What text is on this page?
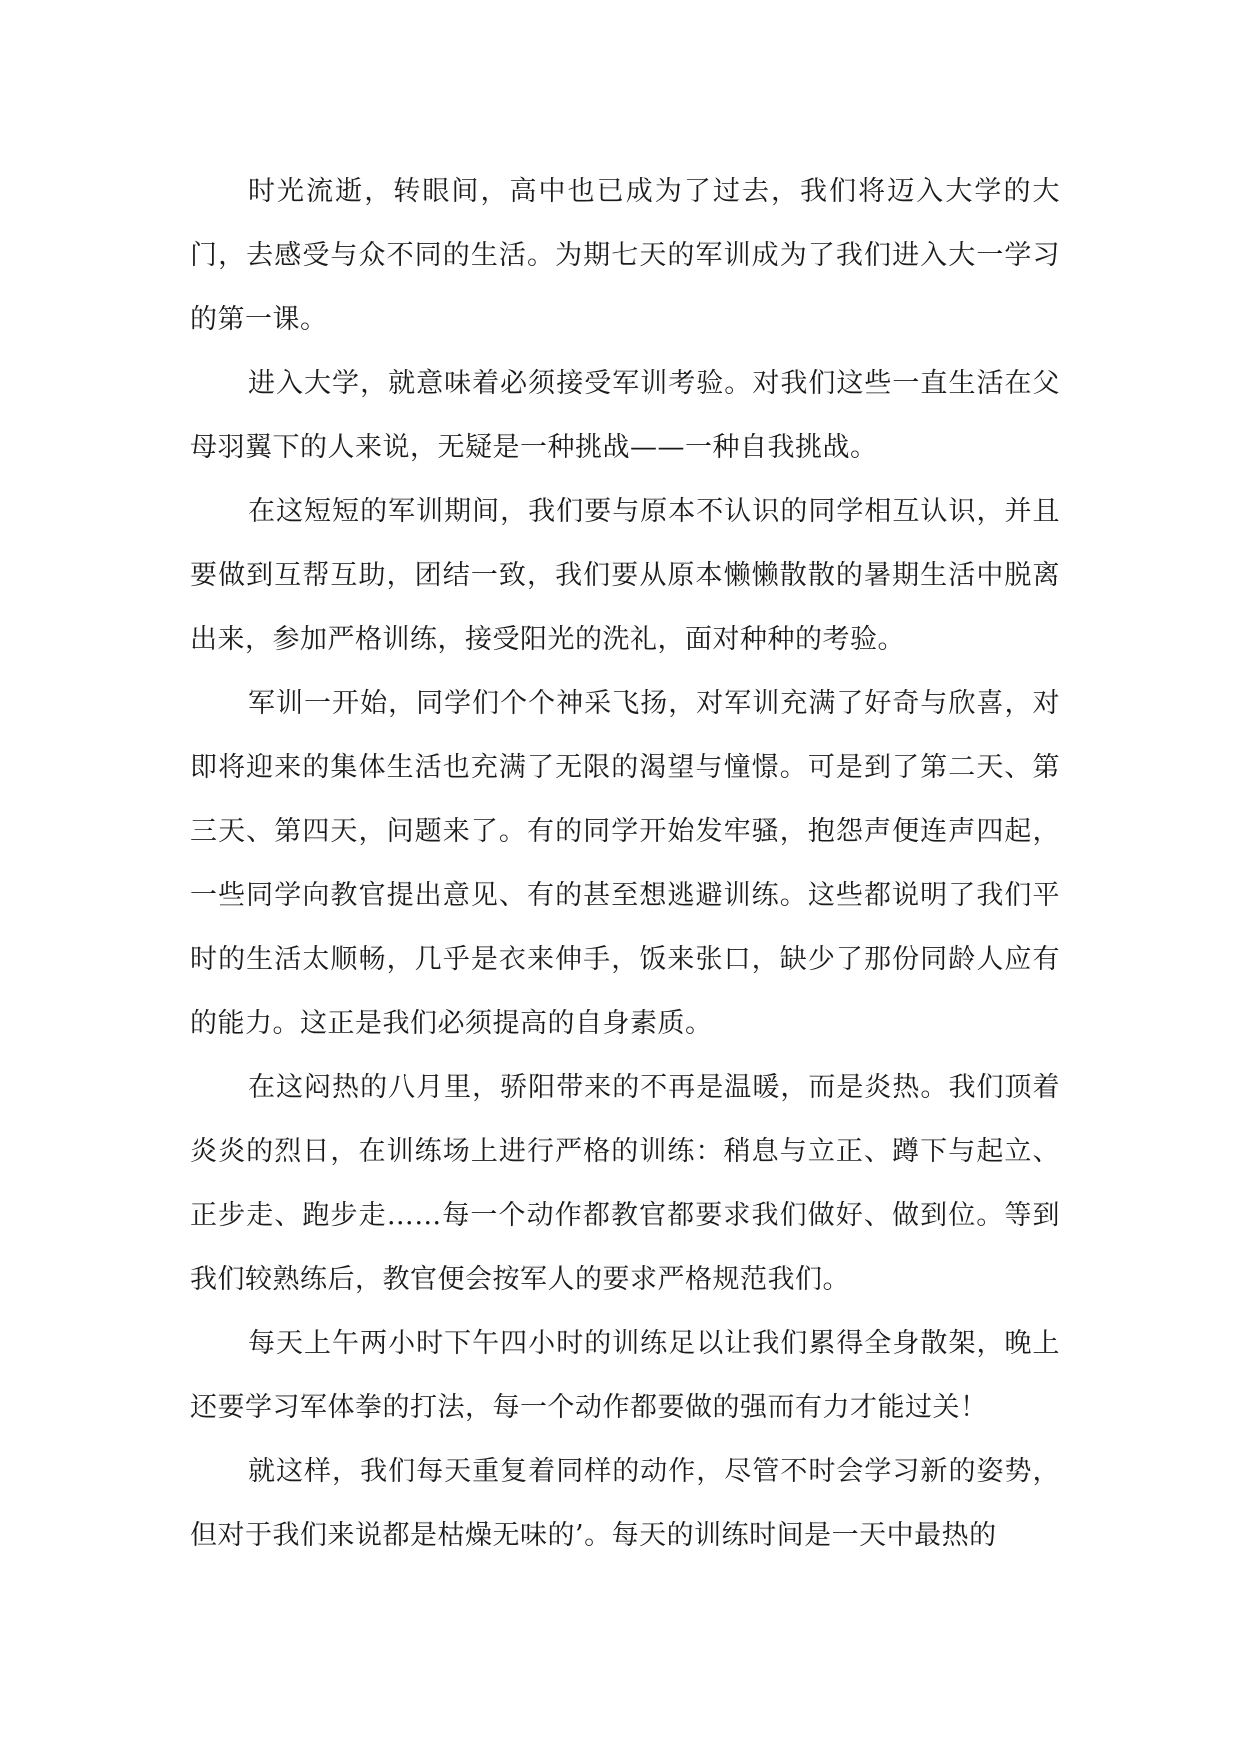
时光流逝，转眼间，高中也已成为了过去，我们将迈入大学的大门，去感受与众不同的生活。为期七天的军训成为了我们进入大一学习的第一课。

进入大学，就意味着必须接受军训考验。对我们这些一直生活在父母羽翼下的人来说，无疑是一种挑战——一种自我挑战。

在这短短的军训期间，我们要与原本不认识的同学相互认识，并且要做到互帮互助，团结一致，我们要从原本懒懒散散的暑期生活中脱离出来，参加严格训练，接受阳光的洗礼，面对种种的考验。

军训一开始，同学们个个神采飞扬，对军训充满了好奇与欣喜，对即将迎来的集体生活也充满了无限的渴望与憧憬。可是到了第二天、第三天、第四天，问题来了。有的同学开始发牢骚，抱怨声便连声四起，一些同学向教官提出意见、有的甚至想逃避训练。这些都说明了我们平时的生活太顺畅，几乎是衣来伸手，饭来张口，缺少了那份同龄人应有的能力。这正是我们必须提高的自身素质。

在这闷热的八月里，骄阳带来的不再是温暖，而是炎热。我们顶着炎炎的烈日，在训练场上进行严格的训练：稍息与立正、蹲下与起立、正步走、跑步走……每一个动作都教官都要求我们做好、做到位。等到我们较熟练后，教官便会按军人的要求严格规范我们。

每天上午两小时下午四小时的训练足以让我们累得全身散架，晚上还要学习军体拳的打法，每一个动作都要做的强而有力才能过关！

就这样，我们每天重复着同样的动作，尽管不时会学习新的姿势，但对于我们来说都是枯燥无味的’。每天的训练时间是一天中最热的
